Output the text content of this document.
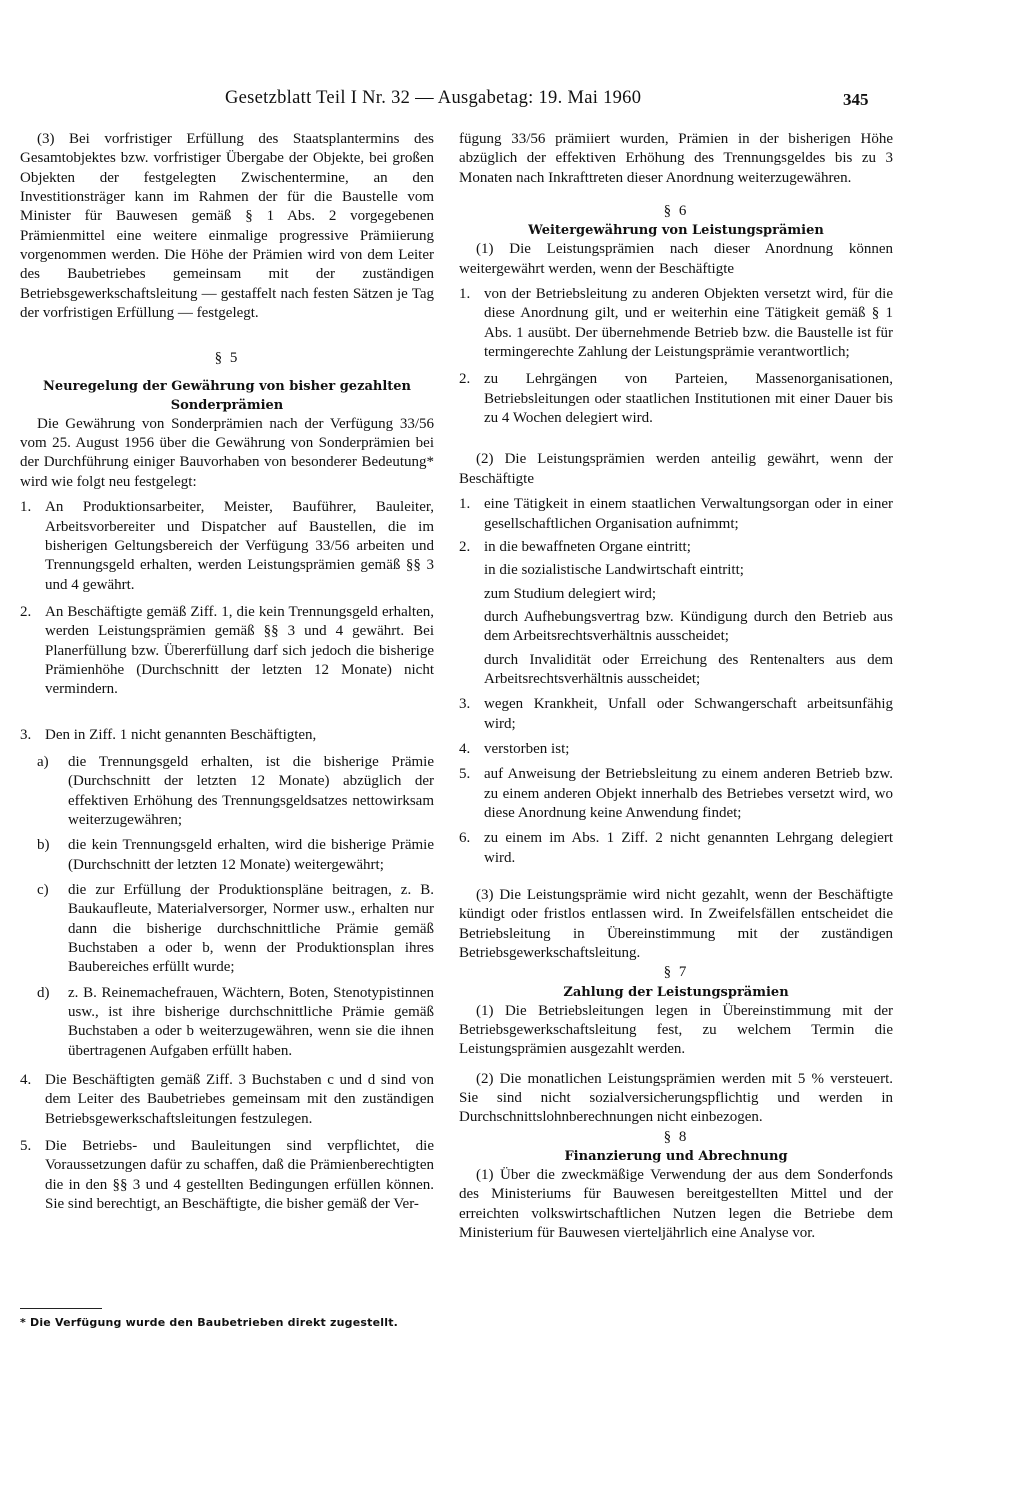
Gesetzblatt Teil I Nr. 32 — Ausgabetag: 19. Mai 1960	345

(3) Bei vorfristiger Erfüllung des Staatsplantermins des Gesamtobjektes bzw. vorfristiger Übergabe der Objekte, bei großen Objekten der festgelegten Zwischentermine, an den Investitionsträger kann im Rahmen der für die Baustelle vom Minister für Bauwesen gemäß § 1 Abs. 2 vorgegebenen Prämienmittel eine weitere einmalige progressive Prämiierung vorgenommen werden. Die Höhe der Prämien wird von dem Leiter des Baubetriebes gemeinsam mit der zuständigen Betriebsgewerkschaftsleitung — gestaffelt nach festen Sätzen je Tag der vorfristigen Erfüllung — festgelegt.

§ 5

Neuregelung der Gewährung von bisher gezahlten Sonderprämien

Die Gewährung von Sonderprämien nach der Verfügung 33/56 vom 25. August 1956 über die Gewährung von Sonderprämien bei der Durchführung einiger Bauvorhaben von besonderer Bedeutung* wird wie folgt neu festgelegt:

1. An Produktionsarbeiter, Meister, Bauführer, Bauleiter, Arbeitsvorbereiter und Dispatcher auf Baustellen, die im bisherigen Geltungsbereich der Verfügung 33/56 arbeiten und Trennungsgeld erhalten, werden Leistungsprämien gemäß §§ 3 und 4 gewährt.

2. An Beschäftigte gemäß Ziff. 1, die kein Trennungsgeld erhalten, werden Leistungsprämien gemäß §§ 3 und 4 gewährt. Bei Planerfüllung bzw. Übererfüllung darf sich jedoch die bisherige Prämienhöhe (Durchschnitt der letzten 12 Monate) nicht vermindern.

3. Den in Ziff. 1 nicht genannten Beschäftigten,

a) die Trennungsgeld erhalten, ist die bisherige Prämie (Durchschnitt der letzten 12 Monate) abzüglich der effektiven Erhöhung des Trennungsgeldsatzes nettowirksam weiterzugewähren;

b) die kein Trennungsgeld erhalten, wird die bisherige Prämie (Durchschnitt der letzten 12 Monate) weitergewährt;

c) die zur Erfüllung der Produktionspläne beitragen, z. B. Baukaufleute, Materialversorger, Normer usw., erhalten nur dann die bisherige durchschnittliche Prämie gemäß Buchstaben a oder b, wenn der Produktionsplan ihres Baubereiches erfüllt wurde;

d) z. B. Reinemachefrauen, Wächtern, Boten, Stenotypistinnen usw., ist ihre bisherige durchschnittliche Prämie gemäß Buchstaben a oder b weiterzugewähren, wenn sie die ihnen übertragenen Aufgaben erfüllt haben.

4. Die Beschäftigten gemäß Ziff. 3 Buchstaben c und d sind von dem Leiter des Baubetriebes gemeinsam mit den zuständigen Betriebsgewerkschaftsleitungen festzulegen.

5. Die Betriebs- und Bauleitungen sind verpflichtet, die Voraussetzungen dafür zu schaffen, daß die Prämienberechtigten die in den §§ 3 und 4 gestellten Bedingungen erfüllen können. Sie sind berechtigt, an Beschäftigte, die bisher gemäß der Ver-

* Die Verfügung wurde den Baubetrieben direkt zugestellt.

fügung 33/56 prämiiert wurden, Prämien in der bisherigen Höhe abzüglich der effektiven Erhöhung des Trennungsgeldes bis zu 3 Monaten nach Inkrafttreten dieser Anordnung weiterzugewähren.

§ 6

Weitergewährung von Leistungsprämien

(1) Die Leistungsprämien nach dieser Anordnung können weitergewährt werden, wenn der Beschäftigte

1. von der Betriebsleitung zu anderen Objekten versetzt wird, für die diese Anordnung gilt, und er weiterhin eine Tätigkeit gemäß § 1 Abs. 1 ausübt. Der übernehmende Betrieb bzw. die Baustelle ist für termingerechte Zahlung der Leistungsprämie verantwortlich;

2. zu Lehrgängen von Parteien, Massenorganisationen, Betriebsleitungen oder staatlichen Institutionen mit einer Dauer bis zu 4 Wochen delegiert wird.

(2) Die Leistungsprämien werden anteilig gewährt, wenn der Beschäftigte

1. eine Tätigkeit in einem staatlichen Verwaltungsorgan oder in einer gesellschaftlichen Organisation aufnimmt;

2. in die bewaffneten Organe eintritt;

in die sozialistische Landwirtschaft eintritt;

zum Studium delegiert wird;

durch Aufhebungsvertrag bzw. Kündigung durch den Betrieb aus dem Arbeitsrechtsverhältnis ausscheidet;

durch Invalidität oder Erreichung des Rentenalters aus dem Arbeitsrechtsverhältnis ausscheidet;

3. wegen Krankheit, Unfall oder Schwangerschaft arbeitsunfähig wird;

4. verstorben ist;

5. auf Anweisung der Betriebsleitung zu einem anderen Betrieb bzw. zu einem anderen Objekt innerhalb des Betriebes versetzt wird, wo diese Anordnung keine Anwendung findet;

6. zu einem im Abs. 1 Ziff. 2 nicht genannten Lehrgang delegiert wird.

(3) Die Leistungsprämie wird nicht gezahlt, wenn der Beschäftigte kündigt oder fristlos entlassen wird. In Zweifelsfällen entscheidet die Betriebsleitung in Übereinstimmung mit der zuständigen Betriebsgewerkschaftsleitung.

§ 7

Zahlung der Leistungsprämien

(1) Die Betriebsleitungen legen in Übereinstimmung mit der Betriebsgewerkschaftsleitung fest, zu welchem Termin die Leistungsprämien ausgezahlt werden.

(2) Die monatlichen Leistungsprämien werden mit 5 % versteuert. Sie sind nicht sozialversicherungspflichtig und werden in Durchschnittslohnberechnungen nicht einbezogen.

§ 8

Finanzierung und Abrechnung

(1) Über die zweckmäßige Verwendung der aus dem Sonderfonds des Ministeriums für Bauwesen bereitgestellten Mittel und der erreichten volkswirtschaftlichen Nutzen legen die Betriebe dem Ministerium für Bauwesen vierteljährlich eine Analyse vor.
